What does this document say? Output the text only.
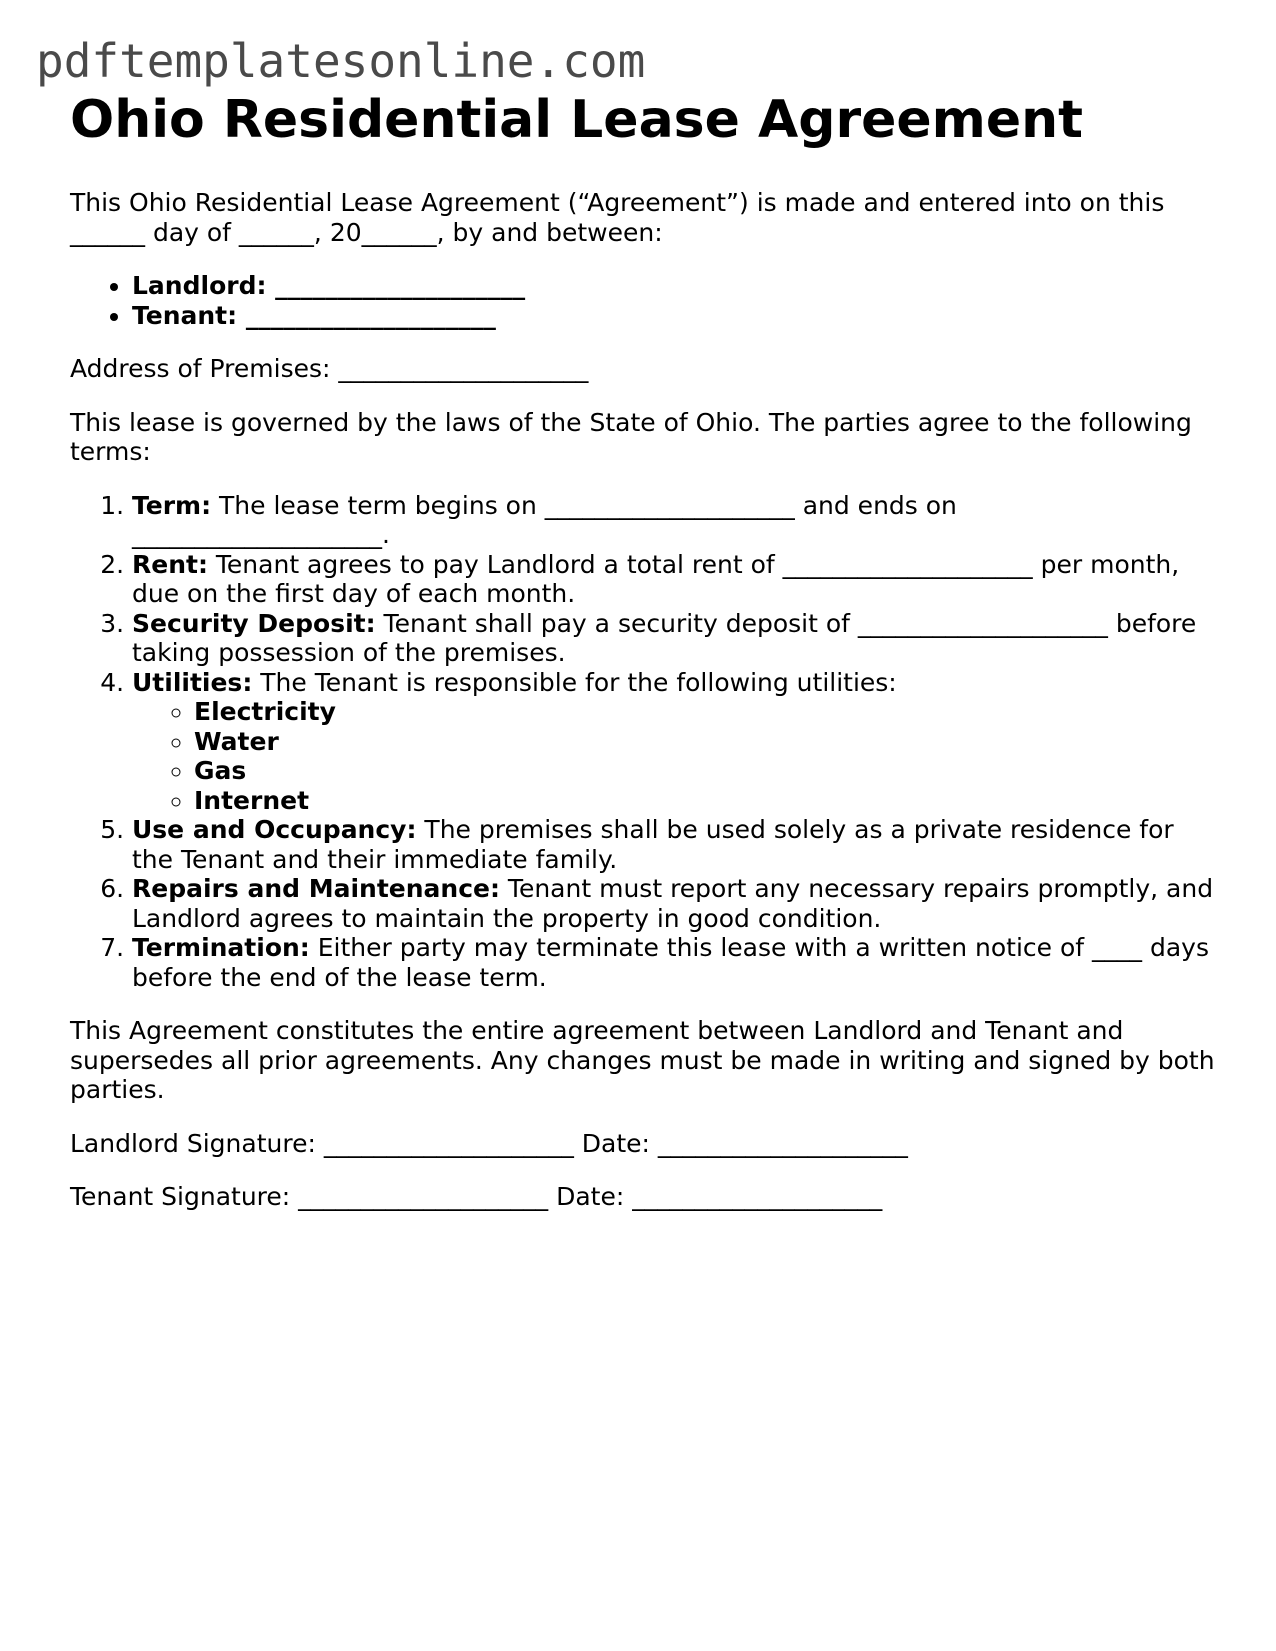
pdftemplatesonline.com
Ohio Residential Lease Agreement

This Ohio Residential Lease Agreement (“Agreement”) is made and entered into on this ______ day of ______, 20______, by and between:

• Landlord: ____________________
• Tenant: ____________________

Address of Premises: ____________________

This lease is governed by the laws of the State of Ohio. The parties agree to the following terms:

1. Term: The lease term begins on ____________________ and ends on ____________________.
2. Rent: Tenant agrees to pay Landlord a total rent of ____________________ per month, due on the first day of each month.
3. Security Deposit: Tenant shall pay a security deposit of ____________________ before taking possession of the premises.
4. Utilities: The Tenant is responsible for the following utilities:
◦ Electricity
◦ Water
◦ Gas
◦ Internet
5. Use and Occupancy: The premises shall be used solely as a private residence for the Tenant and their immediate family.
6. Repairs and Maintenance: Tenant must report any necessary repairs promptly, and Landlord agrees to maintain the property in good condition.
7. Termination: Either party may terminate this lease with a written notice of ____ days before the end of the lease term.

This Agreement constitutes the entire agreement between Landlord and Tenant and supersedes all prior agreements. Any changes must be made in writing and signed by both parties.

Landlord Signature: ____________________ Date: ____________________

Tenant Signature: ____________________ Date: ____________________
